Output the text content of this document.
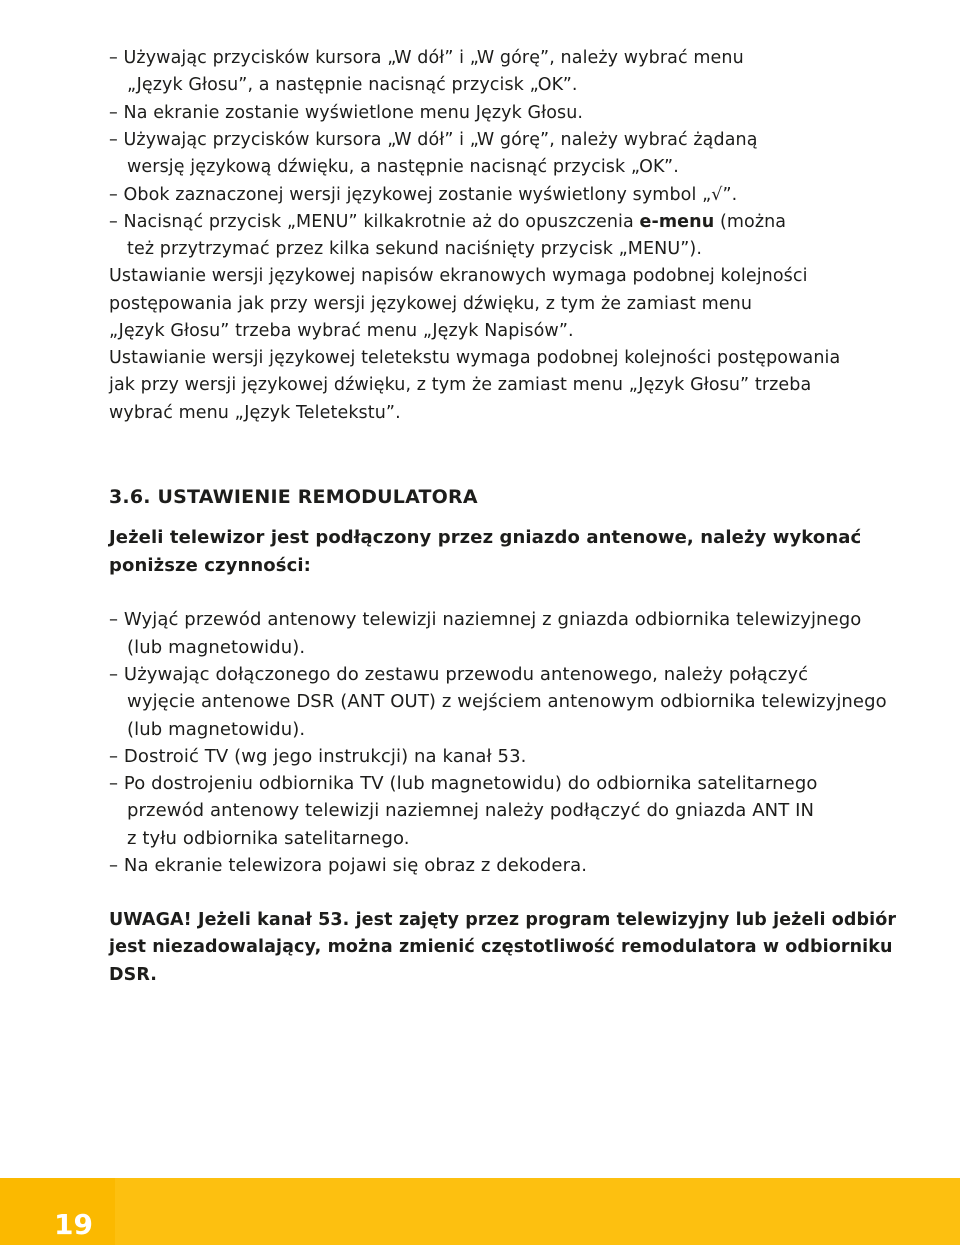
– Używając przycisków kursora „W dół” i „W górę”, należy wybrać menu
„Język Głosu”, a następnie nacisnąć przycisk „OK”.
– Na ekranie zostanie wyświetlone menu Język Głosu.
– Używając przycisków kursora „W dół” i „W górę”, należy wybrać żądaną
wersję językową dźwięku, a następnie nacisnąć przycisk „OK”.
– Obok zaznaczonej wersji językowej zostanie wyświetlony symbol „√”.
– Nacisnąć przycisk „MENU” kilkakrotnie aż do opuszczenia e-menu (można
też przytrzymać przez kilka sekund naciśnięty przycisk „MENU”).
Ustawianie wersji językowej napisów ekranowych wymaga podobnej kolejności
postępowania jak przy wersji językowej dźwięku, z tym że zamiast menu
„Język Głosu” trzeba wybrać menu „Język Napisów”.
Ustawianie wersji językowej teletekstu wymaga podobnej kolejności postępowania
jak przy wersji językowej dźwięku, z tym że zamiast menu „Język Głosu” trzeba
wybrać menu „Język Teletekstu”.
3.6. USTAWIENIE REMODULATORA
Jeżeli telewizor jest podłączony przez gniazdo antenowe, należy wykonać
poniższe czynności:
– Wyjąć przewód antenowy telewizji naziemnej z gniazda odbiornika telewizyjnego
(lub magnetowidu).
– Używając dołączonego do zestawu przewodu antenowego, należy połączyć
wyjęcie antenowe DSR (ANT OUT) z wejściem antenowym odbiornika telewizyjnego
(lub magnetowidu).
– Dostroić TV (wg jego instrukcji) na kanał 53.
– Po dostrojeniu odbiornika TV (lub magnetowidu) do odbiornika satelitarnego
przewód antenowy telewizji naziemnej należy podłączyć do gniazda ANT IN
z tyłu odbiornika satelitarnego.
– Na ekranie telewizora pojawi się obraz z dekodera.
UWAGA! Jeżeli kanał 53. jest zajęty przez program telewizyjny lub jeżeli odbiór
jest niezadowalający, można zmienić częstotliwość remodulatora w odbiorniku
DSR.
19
